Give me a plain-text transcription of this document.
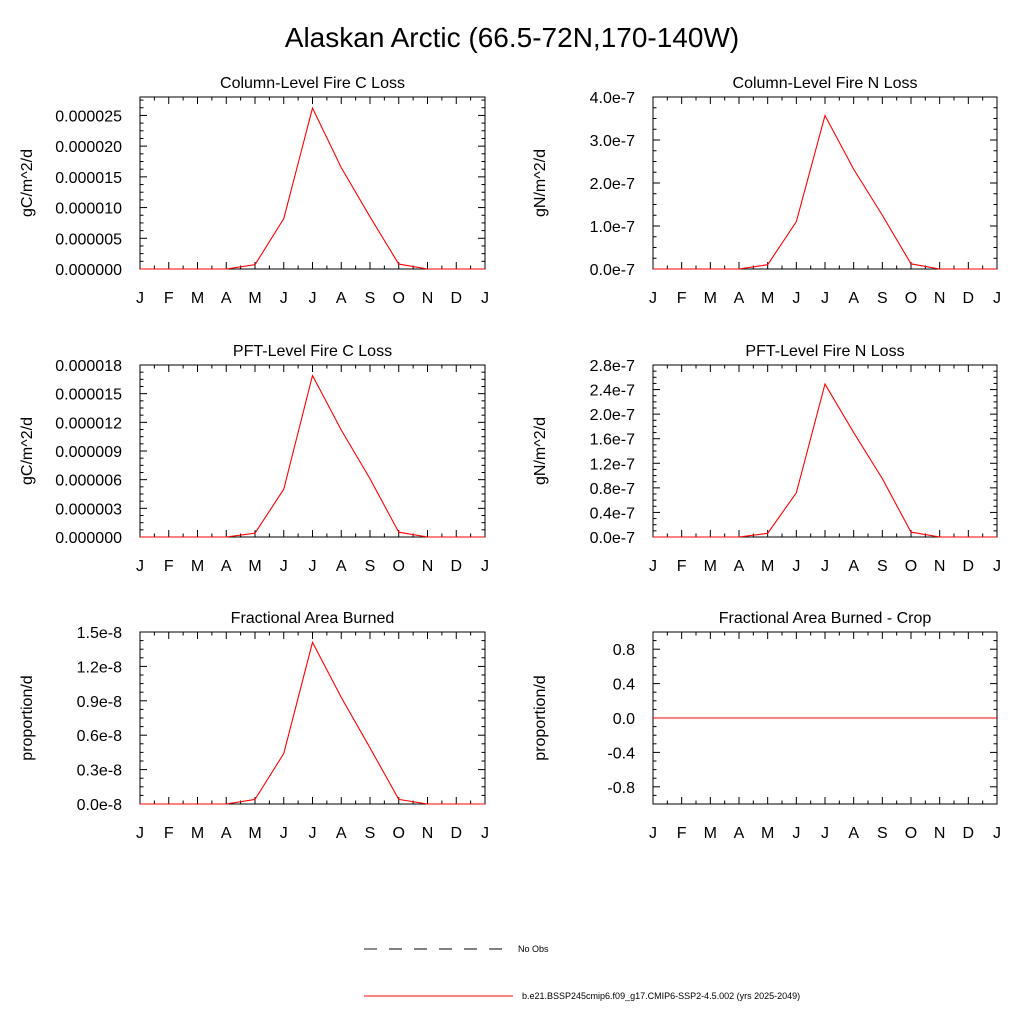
Alaskan Arctic (66.5-72N,170-140W)
Column-Level Fire C Loss
gC/m^2/d
J F M A M J J A S O N D J
0.000000
0.000005
0.000010
0.000015
0.000020
0.000025
Column-Level Fire N Loss
gN/m^2/d
J F M A M J J A S O N D J
0.0e-7
1.0e-7
2.0e-7
3.0e-7
4.0e-7
PFT-Level Fire C Loss
gC/m^2/d
J F M A M J J A S O N D J
0.000000
0.000003
0.000006
0.000009
0.000012
0.000015
0.000018
PFT-Level Fire N Loss
gN/m^2/d
J F M A M J J A S O N D J
0.0e-7
0.4e-7
0.8e-7
1.2e-7
1.6e-7
2.0e-7
2.4e-7
2.8e-7
Fractional Area Burned
proportion/d
J F M A M J J A S O N D J
0.0e-8
0.3e-8
0.6e-8
0.9e-8
1.2e-8
1.5e-8
Fractional Area Burned - Crop
proportion/d
J F M A M J J A S O N D J
-0.8
-0.4
0.0
0.4
0.8
No Obs
b.e21.BSSP245cmip6.f09_g17.CMIP6-SSP2-4.5.002 (yrs 2025-2049)
